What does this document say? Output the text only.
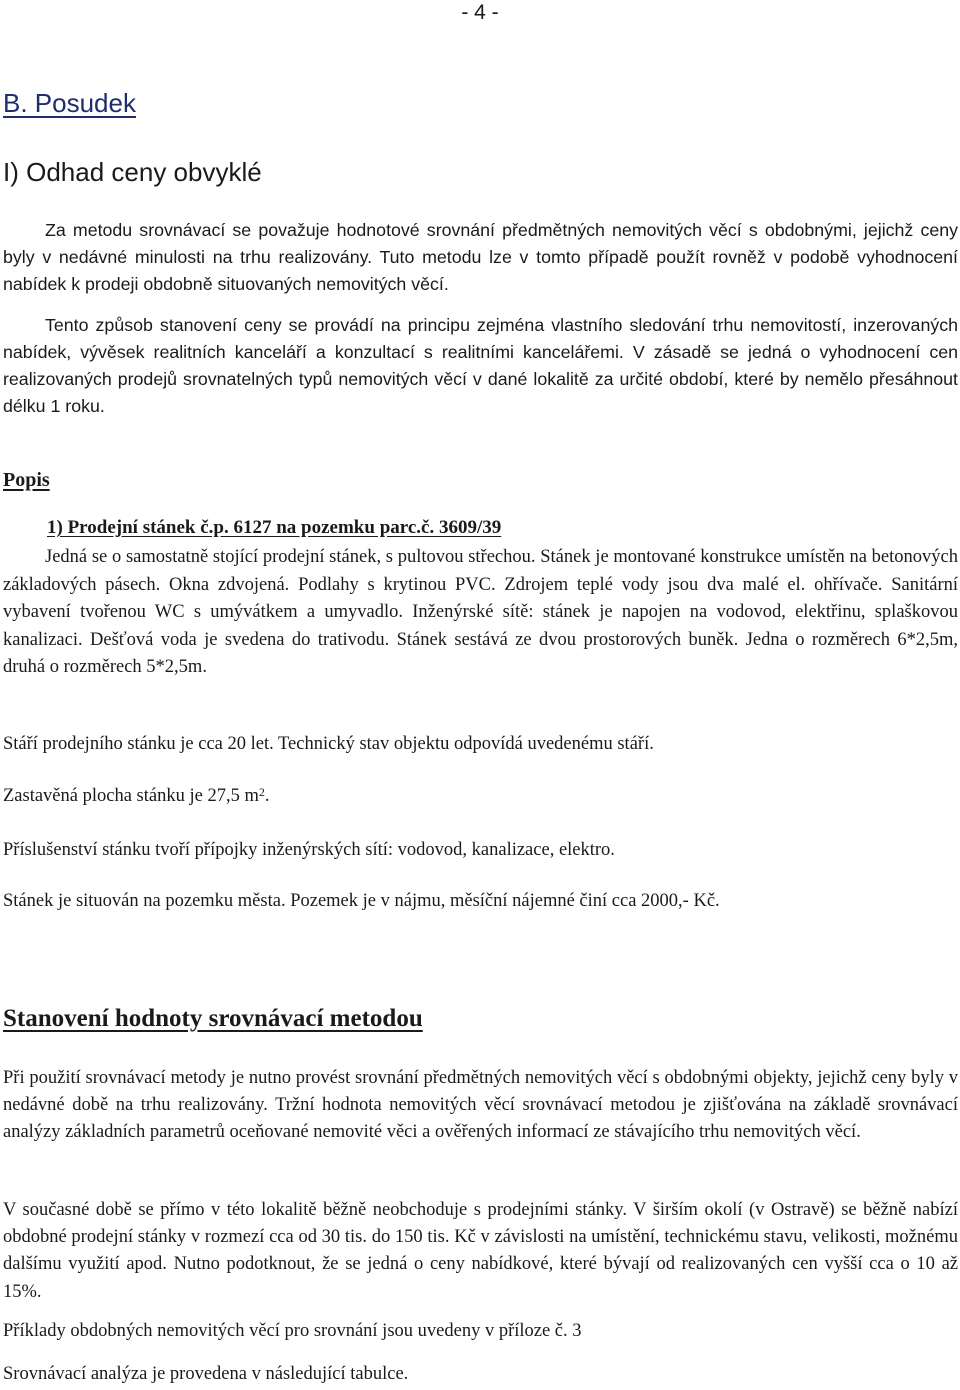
- 4 -
B. Posudek
I) Odhad ceny obvyklé

Za metodu srovnávací se považuje hodnotové srovnání předmětných nemovitých věcí s obdobnými, jejichž ceny byly v nedávné minulosti na trhu realizovány. Tuto metodu lze v tomto případě použít rovněž v podobě vyhodnocení nabídek k prodeji obdobně situovaných nemovitých věcí.

Tento způsob stanovení ceny se provádí na principu zejména vlastního sledování trhu nemovitostí, inzerovaných nabídek, vývěsek realitních kanceláří a konzultací s realitními kancelářemi. V zásadě se jedná o vyhodnocení cen realizovaných prodejů srovnatelných typů nemovitých věcí v dané lokalitě za určité období, které by nemělo přesáhnout délku 1 roku.

Popis
1) Prodejní stánek č.p. 6127 na pozemku parc.č. 3609/39

Jedná se o samostatně stojící prodejní stánek, s pultovou střechou. Stánek je montované konstrukce umístěn na betonových základových pásech. Okna zdvojená. Podlahy s krytinou PVC. Zdrojem teplé vody jsou dva malé el. ohřívače. Sanitární vybavení tvořenou WC s umývátkem a umyvadlo. Inženýrské sítě: stánek je napojen na vodovod, elektřinu, splaškovou kanalizaci. Dešťová voda je svedena do trativodu. Stánek sestává ze dvou prostorových buněk. Jedna o rozměrech 6*2,5m, druhá o rozměrech 5*2,5m.

Stáří prodejního stánku je cca 20 let. Technický stav objektu odpovídá uvedenému stáří.

Zastavěná plocha stánku je 27,5 $m^2$.

Příslušenství stánku tvoří přípojky inženýrských sítí: vodovod, kanalizace, elektro.

Stánek je situován na pozemku města. Pozemek je v nájmu, měsíční nájemné činí cca 2000,- Kč.

Stanovení hodnoty srovnávací metodou

Při použití srovnávací metody je nutno provést srovnání předmětných nemovitých věcí s obdobnými objekty, jejichž ceny byly v nedávné době na trhu realizovány. Tržní hodnota nemovitých věcí srovnávací metodou je zjišťována na základě srovnávací analýzy základních parametrů oceňované nemovité věci a ověřených informací ze stávajícího trhu nemovitých věcí.

V současné době se přímo v této lokalitě běžně neobchoduje s prodejními stánky. V širším okolí (v Ostravě) se běžně nabízí obdobné prodejní stánky v rozmezí cca od 30 tis. do 150 tis. Kč v závislosti na umístění, technickému stavu, velikosti, možnému dalšímu využití apod. Nutno podotknout, že se jedná o ceny nabídkové, které bývají od realizovaných cen vyšší cca o 10 až 15%.

Příklady obdobných nemovitých věcí pro srovnání jsou uvedeny v příloze č. 3

Srovnávací analýza je provedena v následující tabulce.
